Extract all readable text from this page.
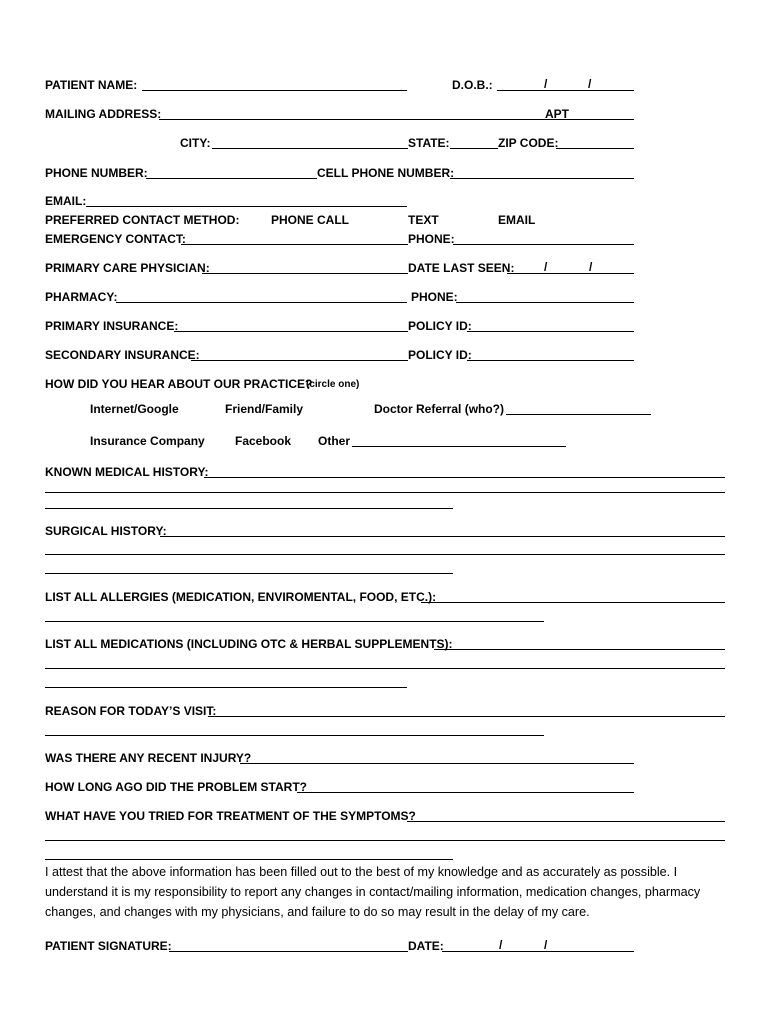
PATIENT NAME:	D.O.B.:	/	/
MAILING ADDRESS:	APT
CITY:	STATE:	ZIP CODE:
PHONE NUMBER:	CELL PHONE NUMBER:
EMAIL:
PREFERRED CONTACT METHOD:	PHONE CALL	TEXT	EMAIL
EMERGENCY CONTACT:	PHONE:
PRIMARY CARE PHYSICIAN:	DATE LAST SEEN: /	/
PHARMACY:	PHONE:
PRIMARY INSURANCE:	POLICY ID:
SECONDARY INSURANCE:	POLICY ID:
HOW DID YOU HEAR ABOUT OUR PRACTICE?
(circle one)
Internet/Google	Friend/Family	Doctor Referral (who?)
Insurance Company	Facebook Other
KNOWN MEDICAL HISTORY:
SURGICAL HISTORY:
LIST ALL ALLERGIES (MEDICATION, ENVIROMENTAL, FOOD, ETC.):
LIST ALL MEDICATIONS (INCLUDING OTC & HERBAL SUPPLEMENTS):
REASON FOR TODAY’S VISIT:
WAS THERE ANY RECENT INJURY?
HOW LONG AGO DID THE PROBLEM START?
WHAT HAVE YOU TRIED FOR TREATMENT OF THE SYMPTOMS?
I attest that the above information has been filled out to the best of my knowledge and as accurately as possible. I understand it is my responsibility to report any changes in contact/mailing information, medication changes, pharmacy changes, and changes with my physicians, and failure to do so may result in the delay of my care.
PATIENT SIGNATURE:	DATE:	/	/
